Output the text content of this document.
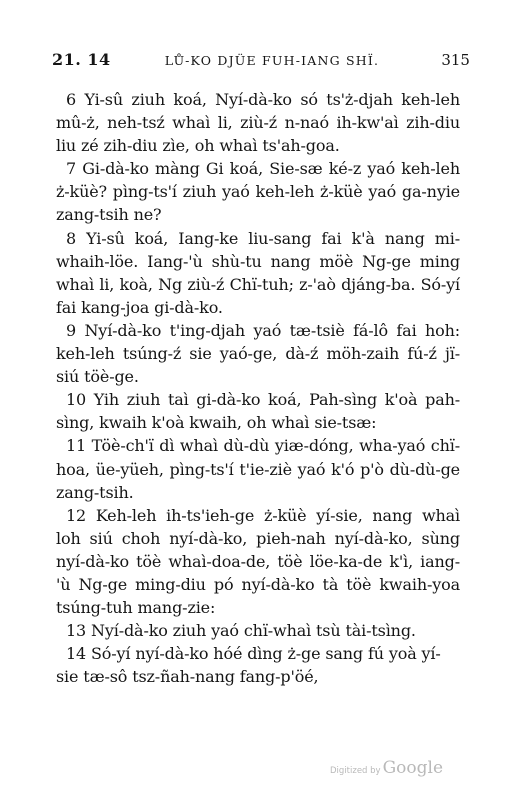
21. 14	LŮ-KO DJÜE FUH-IANG SHÏ.	315

6 Yi-sû ziuh koá, Nyí-dà-ko só ts'ż-djah keh-leh mû-ż, neh-tsź whaì li, ziù-ź n-naó ih-kw'aì zih-diu liu zé zih-diu zìe, oh whaì ts'ah-goa.

7 Gi-dà-ko màng Gi koá, Sie-sæ ké-z yaó keh-leh ż-küè? pìng-ts'í ziuh yaó keh-leh ż-küè yaó ga-nyie zang-tsih ne?

8 Yi-sû koá, Iang-ke liu-sang fai k'à nang mi-whaih-löe. Iang-'ù shù-tu nang möè Ng-ge ming whaì li, koà, Ng ziù-ź Chï-tuh; z-'aò djáng-ba. Só-yí fai kang-joa gi-dà-ko.

9 Nyí-dà-ko t'ing-djah yaó tæ-tsiè fá-lô fai hoh: keh-leh tsúng-ź sie yaó-ge, dà-ź möh-zaih fú-ź jï-siú töè-ge.

10 Yih ziuh taì gi-dà-ko koá, Pah-sìng k'oà pah-sìng, kwaih k'oà kwaih, oh whaì sie-tsæ:

11 Töè-ch'ï dì whaì dù-dù yiæ-dóng, wha-yaó chï-hoa, üe-yüeh, pìng-ts'í t'ie-ziè yaó k'ó p'ò dù-dù-ge zang-tsih.

12 Keh-leh ih-ts'ieh-ge ż-küè yí-sie, nang whaì loh siú choh nyí-dà-ko, pieh-nah nyí-dà-ko, sùng nyí-dà-ko töè whaì-doa-de, töè löe-ka-de k'ì, iang-'ù Ng-ge ming-diu pó nyí-dà-ko tà töè kwaih-yoa tsúng-tuh mang-zie:

13 Nyí-dà-ko ziuh yaó chï-whaì tsù tài-tsìng.

14 Só-yí nyí-dà-ko hóé dìng ż-ge sang fú yoà yí-sie tæ-sô tsz-ñah-nang fang-p'öé,

Digitized by Google
